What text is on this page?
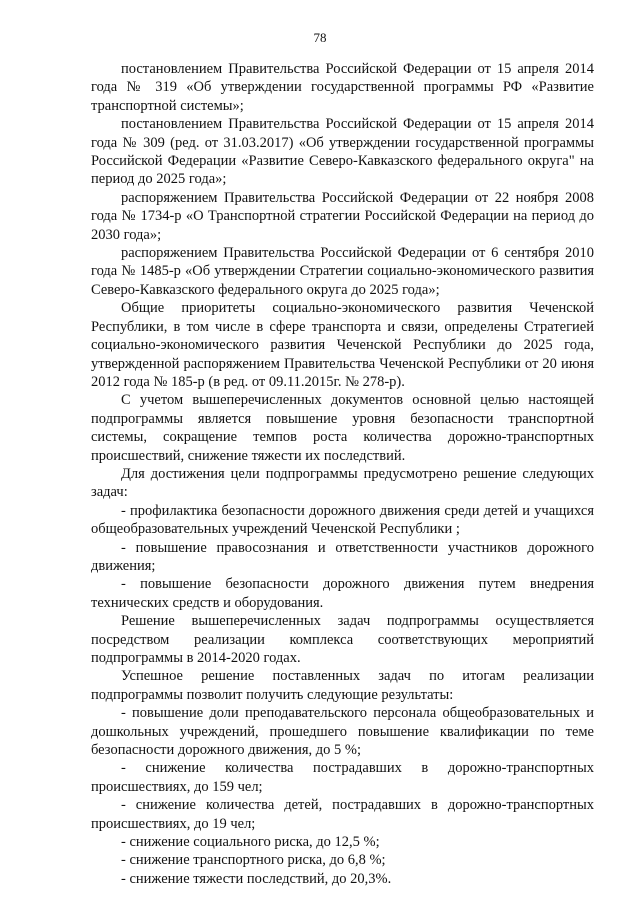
78

постановлением Правительства Российской Федерации от 15 апреля 2014 года № 319 «Об утверждении государственной программы РФ «Развитие транспортной системы»;

постановлением Правительства Российской Федерации от 15 апреля 2014 года № 309 (ред. от 31.03.2017) «Об утверждении государственной программы Российской Федерации «Развитие Северо-Кавказского федерального округа" на период до 2025 года»;

распоряжением Правительства Российской Федерации от 22 ноября 2008 года № 1734-р «О Транспортной стратегии Российской Федерации на период до 2030 года»;

распоряжением Правительства Российской Федерации от 6 сентября 2010 года № 1485-р «Об утверждении Стратегии социально-экономического развития Северо-Кавказского федерального округа до 2025 года»;

Общие приоритеты социально-экономического развития Чеченской Республики, в том числе в сфере транспорта и связи, определены Стратегией социально-экономического развития Чеченской Республики до 2025 года, утвержденной распоряжением Правительства Чеченской Республики от 20 июня 2012 года № 185-р (в ред. от 09.11.2015г. № 278-р).

С учетом вышеперечисленных документов основной целью настоящей подпрограммы является повышение уровня безопасности транспортной системы, сокращение темпов роста количества дорожно-транспортных происшествий, снижение тяжести их последствий.

Для достижения цели подпрограммы предусмотрено решение следующих задач:

- профилактика безопасности дорожного движения среди детей и учащихся общеобразовательных учреждений Чеченской Республики ;

- повышение правосознания и ответственности участников дорожного движения;

- повышение безопасности дорожного движения путем внедрения технических средств и оборудования.

Решение вышеперечисленных задач подпрограммы осуществляется посредством реализации комплекса соответствующих мероприятий подпрограммы в 2014-2020 годах.

Успешное решение поставленных задач по итогам реализации подпрограммы позволит получить следующие результаты:

- повышение доли преподавательского персонала общеобразовательных и дошкольных учреждений, прошедшего повышение квалификации по теме безопасности дорожного движения, до 5 %;

- снижение количества пострадавших в дорожно-транспортных происшествиях, до 159 чел;

- снижение количества детей, пострадавших в дорожно-транспортных происшествиях, до 19 чел;

- снижение социального риска, до 12,5 %;

- снижение транспортного риска, до 6,8 %;

- снижение тяжести последствий, до 20,3%.
